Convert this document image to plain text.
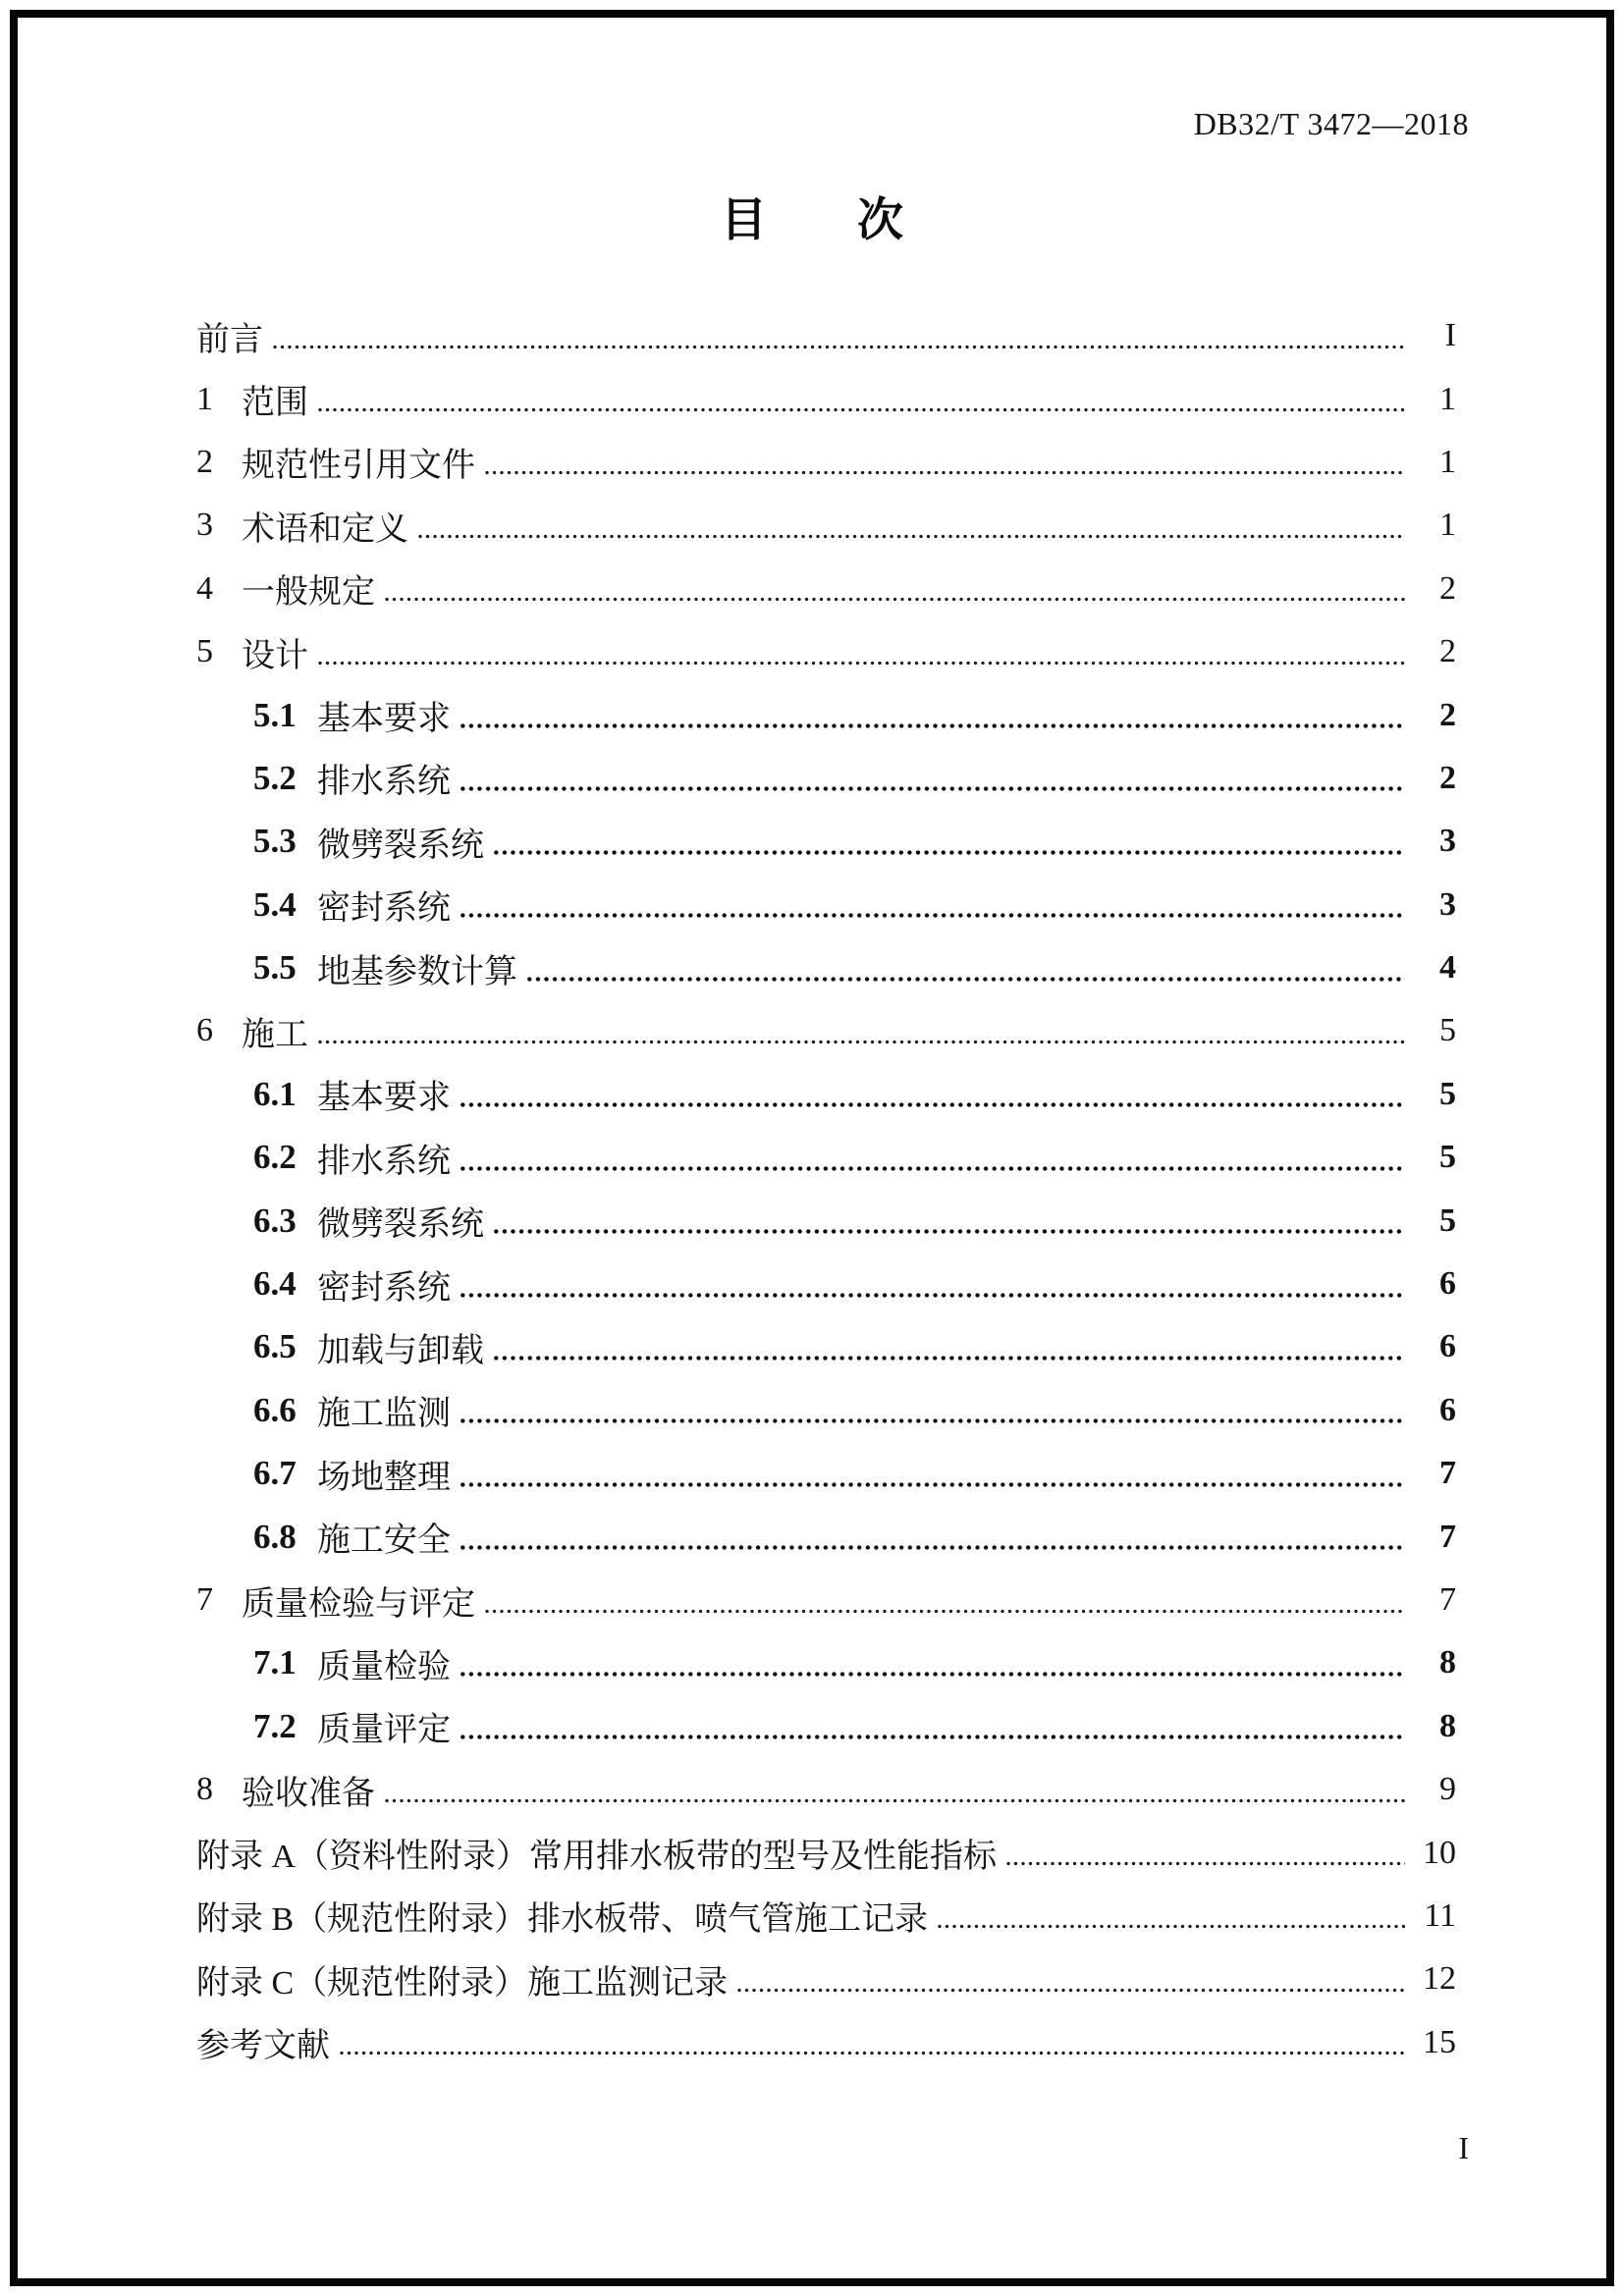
DB32/T 3472—2018
目 次
前言	I
1 范围	1
2 规范性引用文件	1
3 术语和定义	1
4 一般规定	2
5 设计	2
5.1 基本要求	2
5.2 排水系统	2
5.3 微劈裂系统	3
5.4 密封系统	3
5.5 地基参数计算	4
6 施工	5
6.1 基本要求	5
6.2 排水系统	5
6.3 微劈裂系统	5
6.4 密封系统	6
6.5 加载与卸载	6
6.6 施工监测	6
6.7 场地整理	7
6.8 施工安全	7
7 质量检验与评定	7
7.1 质量检验	8
7.2 质量评定	8
8 验收准备	9
附录 A（资料性附录）常用排水板带的型号及性能指标	10
附录 B（规范性附录）排水板带、喷气管施工记录	11
附录 C（规范性附录）施工监测记录	12
参考文献	15
I
